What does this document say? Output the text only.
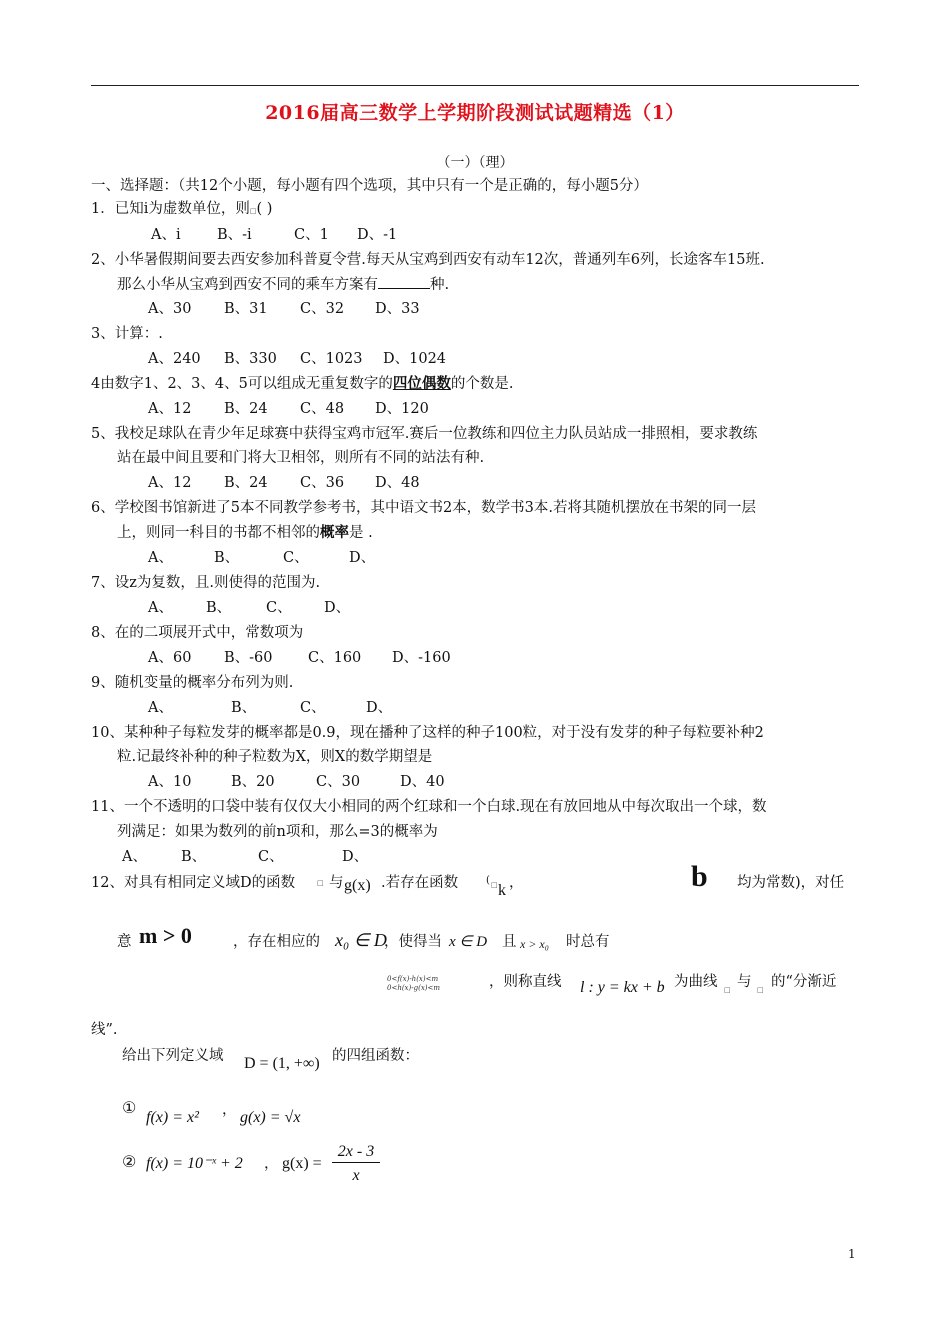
2016届高三数学上学期阶段测试试题精选（1）
（一）（理）
一、选择题：（共12个小题，每小题有四个选项，其中只有一个是正确的，每小题5分）
1．已知i为虚数单位，则□( )
A、i	B、-i	C、1 D、-1
2、小华暑假期间要去西安参加科普夏令营.每天从宝鸡到西安有动车12次，普通列车6列，长途客车15班.
那么小华从宝鸡到西安不同的乘车方案有	种.
A、30 B、31 C、32 D、33
3、计算：.
A、240 B、330 C、1023 D、1024
4由数字1、2、3、4、5可以组成无重复数字的四位偶数的个数是.
A、12 B、24 C、48 D、120
5、我校足球队在青少年足球赛中获得宝鸡市冠军.赛后一位教练和四位主力队员站成一排照相，要求教练
站在最中间且要和门将大卫相邻，则所有不同的站法有种.
A、12 B、24 C、36 D、48
6、学校图书馆新进了5本不同教学参考书，其中语文书2本，数学书3本.若将其随机摆放在书架的同一层
上，则同一科目的书都不相邻的概率是 .
A、	B、	C、	D、
7、设z为复数，且.则使得的范围为.
A、 B、 C、 D、
8、在的二项展开式中，常数项为
A、60 B、-60 C、160 D、-160
9、随机变量的概率分布列为则.
A、	B、	C、	D、
10、某种种子每粒发芽的概率都是0.9，现在播种了这样的种子100粒，对于没有发芽的种子每粒要补种2
粒.记最终补种的种子粒数为X，则X的数学期望是
A、10	B、20	C、30	D、40
11、一个不透明的口袋中装有仅仅大小相同的两个红球和一个白球.现在有放回地从中每次取出一个球，数
列满足：如果为数列的前n项和，那么=3的概率为
A、 B、	C、	D、
12、对具有相同定义域D的函数	□ 与 g(x) .若存在函数	( □ k ，	b 均为常数)，对任
意 m > 0	，存在相应的 x₀ ∈ D
，使得当 x ∈ D 且 x > x₀ 时总有
0<f(x)-h(x)<m
0<h(x)-g(x)<m	，则称直线 l : y = kx + b 为曲线 □ 与 □ 的“分渐近
线”.
给出下列定义域 D = (1, +∞) 的四组函数：
①
f(x) = x² ， g(x) = √x
② f(x) = 10⁻ˣ + 2 ， g(x) =
2x - 3
x
1
